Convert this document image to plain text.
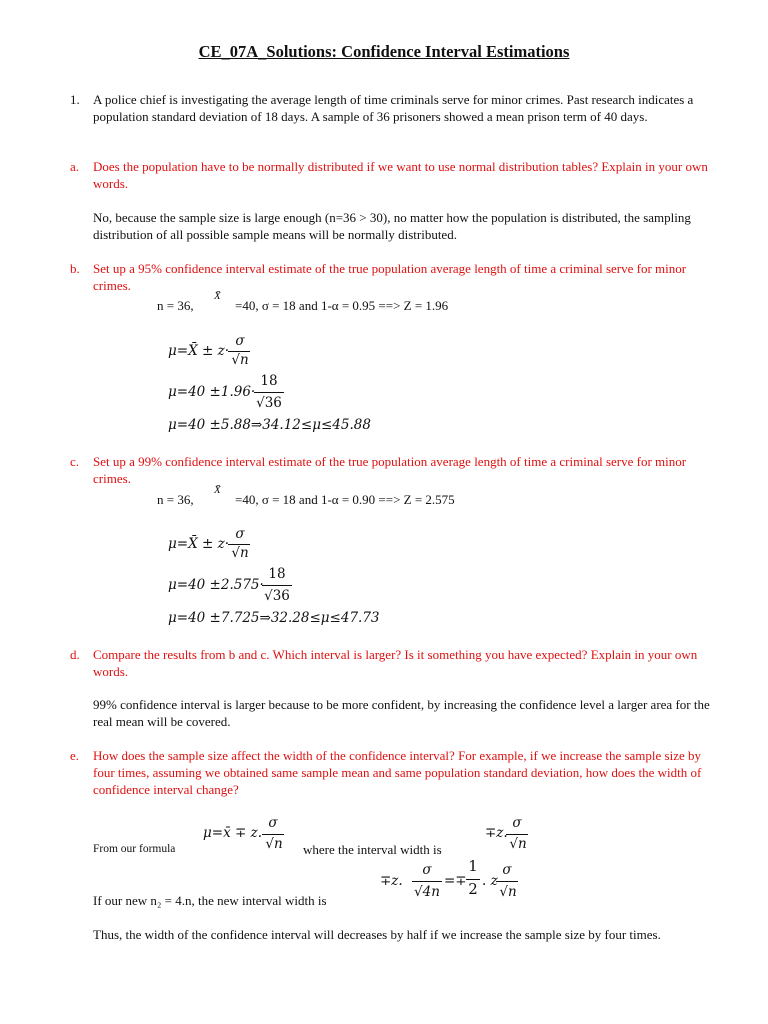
CE_07A_Solutions: Confidence Interval Estimations
1. A police chief is investigating the average length of time criminals serve for minor crimes. Past research indicates a population standard deviation of 18 days. A sample of 36 prisoners showed a mean prison term of 40 days.
a. Does the population have to be normally distributed if we want to use normal distribution tables? Explain in your own words.
No, because the sample size is large enough (n=36 > 30), no matter how the population is distributed, the sampling distribution of all possible sample means will be normally distributed.
b. Set up a 95% confidence interval estimate of the true population average length of time a criminal serve for minor crimes.
n = 36,
X̄
=40, σ = 18 and 1-α = 0.95 ==> Z = 1.96
μ=X̄ ± z·
σ
√n
μ=40 ±1.96·
18
√36
μ=40 ±5.88⇒34.12≤μ≤45.88
c. Set up a 99% confidence interval estimate of the true population average length of time a criminal serve for minor crimes.
n = 36,
X̄
=40, σ = 18 and 1-α = 0.90 ==> Z = 2.575
μ=X̄ ± z·
σ
√n
μ=40 ±2.575·
18
√36
μ=40 ±7.725⇒32.28≤μ≤47.73
d. Compare the results from b and c. Which interval is larger? Is it something you have expected? Explain in your own words.
99% confidence interval is larger because to be more confident, by increasing the confidence level a larger area for the real mean will be covered.
e. How does the sample size affect the width of the confidence interval? For example, if we increase the sample size by four times, assuming we obtained same sample mean and same population standard deviation, how does the width of confidence interval change?
From our formula
μ=x̄ ∓ z.
σ
√n where the interval width is
∓z.
σ
√n
If our new n₂ = 4.n, the new interval width is
∓z.
σ
√4n
=∓
1
2 . z
σ
√n
Thus, the width of the confidence interval will decreases by half if we increase the sample size by four times.
